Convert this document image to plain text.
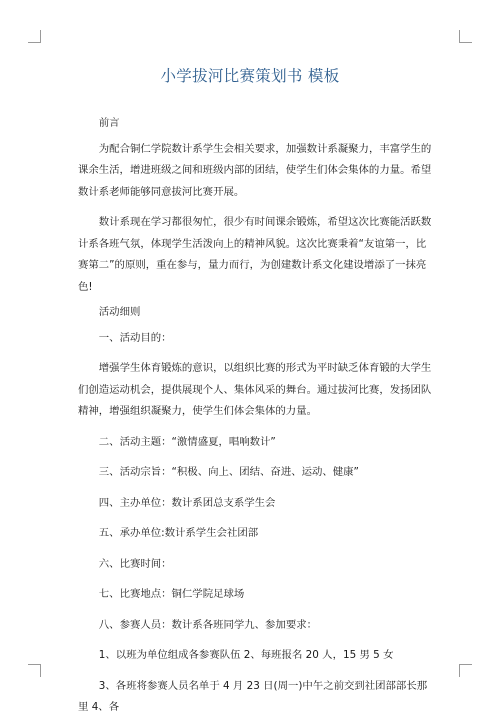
小学拔河比赛策划书 模板

前言

为配合铜仁学院数计系学生会相关要求，加强数计系凝聚力，丰富学生的课余生活，增进班级之间和班级内部的团结，使学生们体会集体的力量。希望数计系老师能够同意拔河比赛开展。

数计系现在学习都很匆忙，很少有时间课余锻炼，希望这次比赛能活跃数计系各班气氛，体现学生活泼向上的精神风貌。这次比赛秉着“友谊第一，比赛第二”的原则，重在参与，量力而行，为创建数计系文化建设增添了一抹亮色!

活动细则

一、活动目的：

增强学生体育锻炼的意识，以组织比赛的形式为平时缺乏体育锻的大学生们创造运动机会，提供展现个人、集体风采的舞台。通过拔河比赛，发扬团队精神，增强组织凝聚力，使学生们体会集体的力量。

二、活动主题：“激情盛夏，唱响数计”

三、活动宗旨：“积极、向上、团结、奋进、运动、健康”

四、主办单位：数计系团总支系学生会

五、承办单位:数计系学生会社团部

六、比赛时间：

七、比赛地点：铜仁学院足球场

八、参赛人员：数计系各班同学九、参加要求：

1、以班为单位组成各参赛队伍 2、每班报名 20 人，15 男 5 女

3、各班将参赛人员名单于 4 月 23 日(周一)中午之前交到社团部部长那里 4、各
